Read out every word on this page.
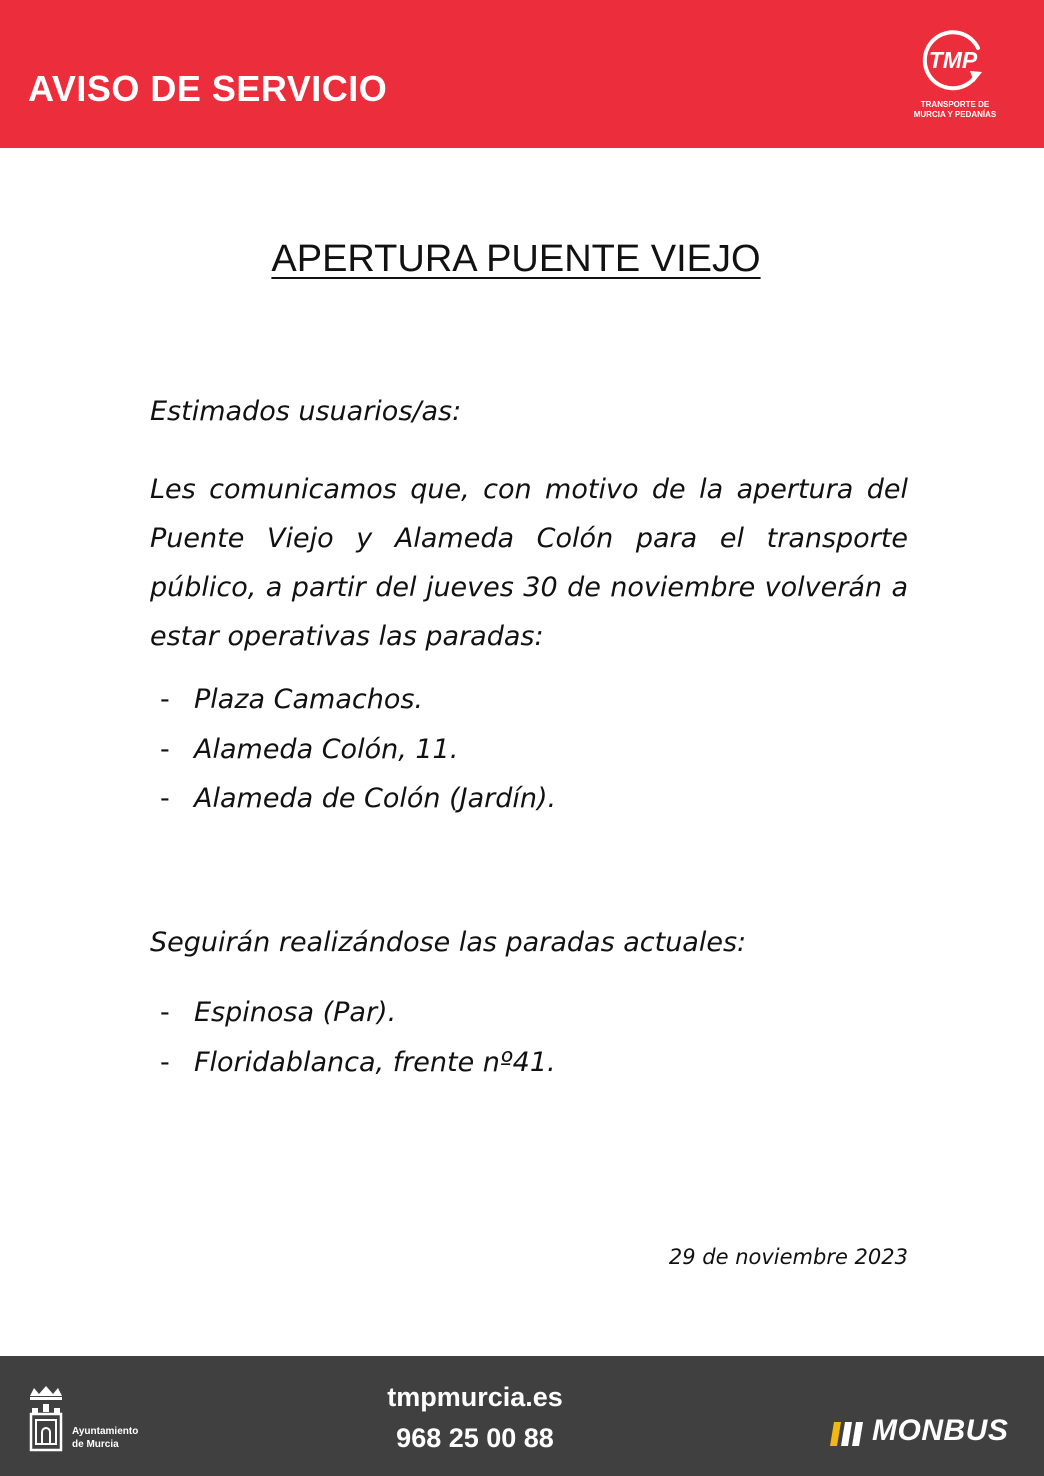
AVISO DE SERVICIO
TMP
TRANSPORTE DE
MURCIA Y PEDANÍAS
APERTURA PUENTE VIEJO
Estimados usuarios/as:
Les comunicamos que, con motivo de la apertura del Puente Viejo y Alameda Colón para el transporte público, a partir del jueves 30 de noviembre volverán a estar operativas las paradas:
- Plaza Camachos.
- Alameda Colón, 11.
- Alameda de Colón (Jardín).
Seguirán realizándose las paradas actuales:
- Espinosa (Par).
- Floridablanca, frente nº41.
29 de noviembre 2023
Ayuntamiento
de Murcia
tmpmurcia.es
968 25 00 88	MONBUS
